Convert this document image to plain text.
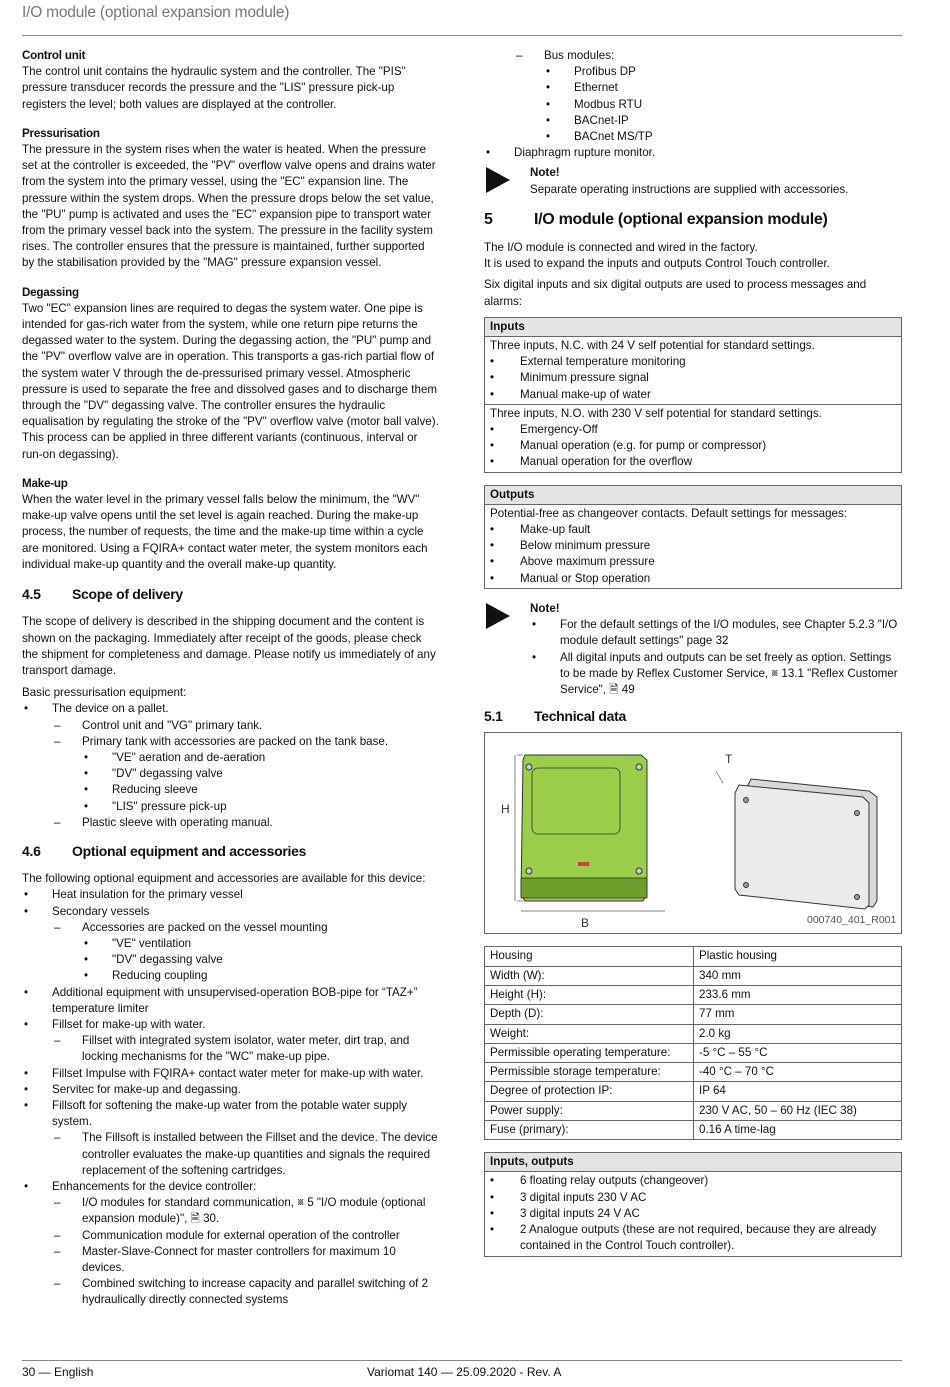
I/O module (optional expansion module)
Control unit

The control unit contains the hydraulic system and the controller. The "PIS" pressure transducer records the pressure and the "LIS" pressure pick-up registers the level; both values are displayed at the controller.

Pressurisation

The pressure in the system rises when the water is heated. When the pressure set at the controller is exceeded, the "PV" overflow valve opens and drains water from the system into the primary vessel, using the "EC" expansion line. The pressure within the system drops. When the pressure drops below the set value, the "PU" pump is activated and uses the "EC" expansion pipe to transport water from the primary vessel back into the system. The pressure in the facility system rises. The controller ensures that the pressure is maintained, further supported by the stabilisation provided by the "MAG" pressure expansion vessel.

Degassing

Two "EC" expansion lines are required to degas the system water. One pipe is intended for gas-rich water from the system, while one return pipe returns the degassed water to the system. During the degassing action, the "PU" pump and the "PV" overflow valve are in operation. This transports a gas-rich partial flow of the system water V through the de-pressurised primary vessel. Atmospheric pressure is used to separate the free and dissolved gases and to discharge them through the "DV" degassing valve. The controller ensures the hydraulic equalisation by regulating the stroke of the "PV" overflow valve (motor ball valve). This process can be applied in three different variants (continuous, interval or run-on degassing).

Make-up

When the water level in the primary vessel falls below the minimum, the "WV" make-up valve opens until the set level is again reached. During the make-up process, the number of requests, the time and the make-up time within a cycle are monitored. Using a FQIRA+ contact water meter, the system monitors each individual make-up quantity and the overall make-up quantity.

4.5	Scope of delivery

The scope of delivery is described in the shipping document and the content is shown on the packaging. Immediately after receipt of the goods, please check the shipment for completeness and damage. Please notify us immediately of any transport damage.

Basic pressurisation equipment:

• The device on a pallet.
– Control unit and "VG" primary tank.
– Primary tank with accessories are packed on the tank base.
• "VE" aeration and de-aeration
• "DV" degassing valve
• Reducing sleeve
• "LIS" pressure pick-up
– Plastic sleeve with operating manual.
4.6	Optional equipment and accessories

The following optional equipment and accessories are available for this device:

• Heat insulation for the primary vessel
• Secondary vessels
– Accessories are packed on the vessel mounting
• "VE" ventilation
• "DV" degassing valve
• Reducing coupling
• Additional equipment with unsupervised-operation BOB-pipe for “TAZ+” temperature limiter
• Fillset for make-up with water.
– Fillset with integrated system isolator, water meter, dirt trap, and locking mechanisms for the "WC" make-up pipe.
• Fillset Impulse with FQIRA+ contact water meter for make-up with water.
• Servitec for make-up and degassing.
• Fillsoft for softening the make-up water from the potable water supply system.
– The Fillsoft is installed between the Fillset and the device. The device controller evaluates the make-up quantities and signals the required replacement of the softening cartridges.
• Enhancements for the device controller:
– I/O modules for standard communication, ␧ 5 "I/O module (optional expansion module)", 🗎 30.
– Communication module for external operation of the controller
– Master-Slave-Connect for master controllers for maximum 10 devices.
– Combined switching to increase capacity and parallel switching of 2 hydraulically directly connected systems
– Bus modules:
• Profibus DP
• Ethernet
• Modbus RTU
• BACnet-IP
• BACnet MS/TP
• Diaphragm rupture monitor.
Note!
Separate operating instructions are supplied with accessories.
5	I/O module (optional expansion module)

The I/O module is connected and wired in the factory.

It is used to expand the inputs and outputs Control Touch controller.

Six digital inputs and six digital outputs are used to process messages and alarms:

Inputs
Three inputs, N.C. with 24 V self potential for standard settings.
• External temperature monitoring
• Minimum pressure signal
• Manual make-up of water
Three inputs, N.O. with 230 V self potential for standard settings.
• Emergency-Off
• Manual operation (e.g. for pump or compressor)
• Manual operation for the overflow
Outputs
Potential-free as changeover contacts. Default settings for messages:
• Make-up fault
• Below minimum pressure
• Above maximum pressure
• Manual or Stop operation
Note!
• For the default settings of the I/O modules, see Chapter 5.2.3 "I/O module default settings" page 32
• All digital inputs and outputs can be set freely as option. Settings to be made by Reflex Customer Service, ␧ 13.1 "Reflex Customer Service", 🗎 49
5.1	Technical data
H
B
T
000740_401_R001
Housing	Plastic housing
Width (W):	340 mm
Height (H):	233.6 mm
Depth (D):	77 mm
Weight:	2.0 kg
Permissible operating temperature:	-5 °C – 55 °C
Permissible storage temperature:	-40 °C – 70 °C
Degree of protection IP:	IP 64
Power supply:	230 V AC, 50 – 60 Hz (IEC 38)
Fuse (primary):	0.16 A time-lag
Inputs, outputs
• 6 floating relay outputs (changeover)
• 3 digital inputs 230 V AC
• 3 digital inputs 24 V AC
• 2 Analogue outputs (these are not required, because they are already contained in the Control Touch controller).
30 — English	Variomat 140 — 25.09.2020 - Rev. A
